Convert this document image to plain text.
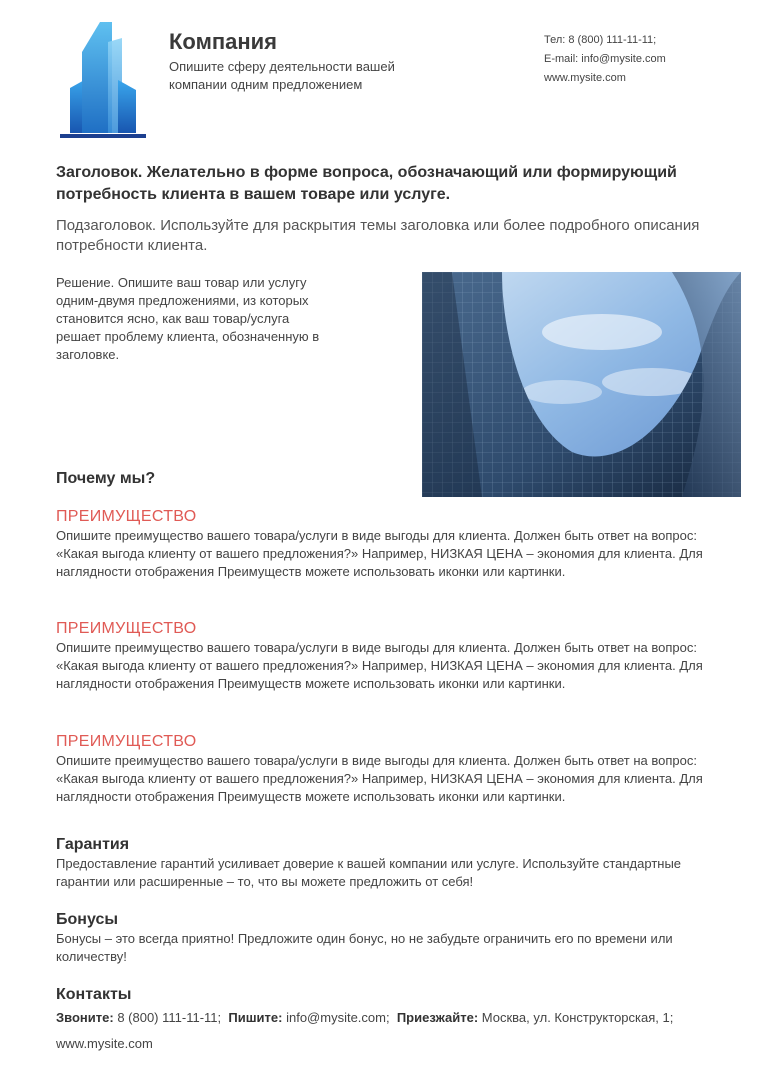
Компания
Опишите сферу деятельности вашей компании одним предложением
Тел: 8 (800) 111-11-11;
E-mail: info@mysite.com
www.mysite.com
Заголовок. Желательно в форме вопроса, обозначающий или формирующий потребность клиента в вашем товаре или услуге.
Подзаголовок. Используйте для раскрытия темы заголовка или более подробного описания потребности клиента.
Решение. Опишите ваш товар или услугу одним-двумя предложениями, из которых становится ясно, как ваш товар/услуга решает проблему клиента, обозначенную в заголовке.
Почему мы?
ПРЕИМУЩЕСТВО
Опишите преимущество вашего товара/услуги в виде выгоды для клиента. Должен быть ответ на вопрос: «Какая выгода клиенту от вашего предложения?» Например, НИЗКАЯ ЦЕНА – экономия для клиента. Для наглядности отображения Преимуществ можете использовать иконки или картинки.
ПРЕИМУЩЕСТВО
Опишите преимущество вашего товара/услуги в виде выгоды для клиента. Должен быть ответ на вопрос: «Какая выгода клиенту от вашего предложения?» Например, НИЗКАЯ ЦЕНА – экономия для клиента. Для наглядности отображения Преимуществ можете использовать иконки или картинки.
ПРЕИМУЩЕСТВО
Опишите преимущество вашего товара/услуги в виде выгоды для клиента. Должен быть ответ на вопрос: «Какая выгода клиенту от вашего предложения?» Например, НИЗКАЯ ЦЕНА – экономия для клиента. Для наглядности отображения Преимуществ можете использовать иконки или картинки.
Гарантия
Предоставление гарантий усиливает доверие к вашей компании или услуге. Используйте стандартные гарантии или расширенные – то, что вы можете предложить от себя!
Бонусы
Бонусы – это всегда приятно! Предложите один бонус, но не забудьте ограничить его по времени или количеству!
Контакты
Звоните: 8 (800) 111-11-11; Пишите: info@mysite.com; Приезжайте: Москва, ул. Конструкторская, 1;
www.mysite.com
